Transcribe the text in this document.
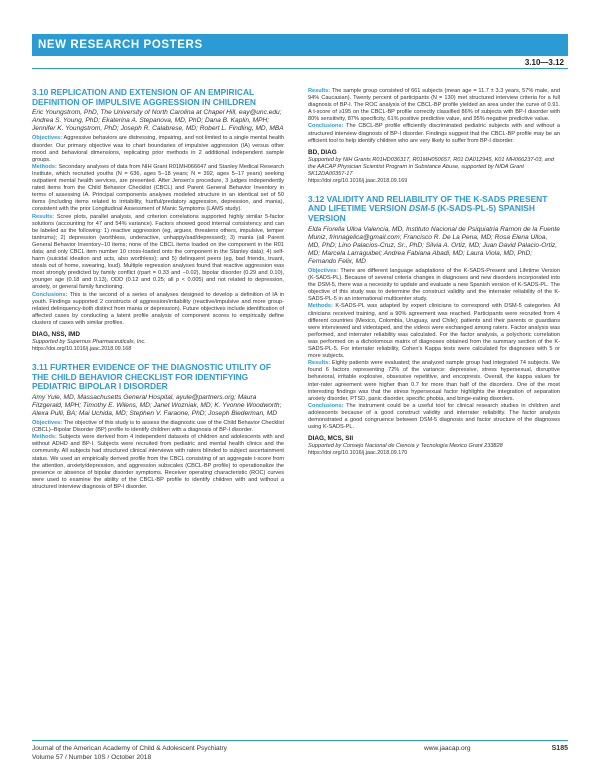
NEW RESEARCH POSTERS
3.10—3.12
3.10 REPLICATION AND EXTENSION OF AN EMPIRICAL DEFINITION OF IMPULSIVE AGGRESSION IN CHILDREN
Eric Youngstrom, PhD, The University of North Carolina at Chapel Hill, eay@unc.edu; Andrea S. Young, PhD; Ekaterina A. Stepanova, MD, PhD; Dana B. Kaplin, MPH; Jennifer K. Youngstrom, PhD; Joseph R. Calabrese, MD; Robert L. Findling, MD, MBA

Objectives: Aggressive behaviors are distressing, impairing, and not limited to a single mental health disorder. Our primary objective was to chart boundaries of impulsive aggression (IA) versus other mood and behavioral dimensions, replicating prior methods in 2 additional independent sample groups.

Methods: Secondary analyses of data from NIH Grant R01MH066647 and Stanley Medical Research Institute, which recruited youths (N = 636, ages 5–18 years; N = 392, ages 5–17 years) seeking outpatient mental health services, are presented. After Jensen's procedure, 3 judges independently rated items from the Child Behavior Checklist (CBCL) and Parent General Behavior Inventory in terms of assessing IA. Principal components analyses modeled structure in an identical set of 50 items (including items related to irritability, hurtful/predatory aggression, depression, and mania), consistent with the prior Longitudinal Assessment of Manic Symptoms (LAMS study).

Results: Scree plots, parallel analysis, and criterion correlations supported highly similar 5-factor solutions (accounting for 47 and 54% variance). Factors showed good internal consistency and can be labeled as the following: 1) reactive aggression (eg, argues, threatens others, impulsive, temper tantrums); 2) depression (worthless, underactive, unhappy/sad/depressed); 3) mania (all Parent General Behavior Inventory–10 items; none of the CBCL items loaded on the component in the R01 data; and only CBCL item number 10 cross-loaded onto the component in the Stanley data); 4) self-harm (suicidal ideation and acts, also worthless); and 5) delinquent peers (eg, bad friends, truant, steals out of home, swearing, loud). Multiple regression analyses found that reactive aggression was most strongly predicted by family conflict (rpart = 0.33 and −0.02), bipolar disorder (0.29 and 0.10), younger age (0.18 and 0.13), ODD (0.12 and 0.25; all p < 0.005) and not related to depression, anxiety, or general family functioning.

Conclusions: This is the second of a series of analyses designed to develop a definition of IA in youth. Findings supported 2 constructs of aggression/irritability (reactive/impulsive and more group-related delinquency-both distinct from mania or depression). Future objectives include identification of affected cases by conducting a latent profile analysis of component scores to empirically define clusters of cases with similar profiles.

DIAG, NSS, IMD
Supported by Supernus Pharmaceuticals, Inc.
https://doi.org/10.1016/j.jaac.2018.09.168
3.11 FURTHER EVIDENCE OF THE DIAGNOSTIC UTILITY OF THE CHILD BEHAVIOR CHECKLIST FOR IDENTIFYING PEDIATRIC BIPOLAR I DISORDER
Amy Yule, MD, Massachusetts General Hospital, ayule@partners.org; Maura Fitzgerald, MPH; Timothy E. Wilens, MD; Janet Wozniak, MD; K. Yvonne Woodworth; Alexa Pulli, BA; Mai Uchida, MD; Stephen V. Faraone, PhD; Joseph Biederman, MD

Objectives: The objective of this study is to assess the diagnostic use of the Child Behavior Checklist (CBCL)–Bipolar Disorder (BP) profile to identify children with a diagnosis of BP-I disorder.

Methods: Subjects were derived from 4 independent datasets of children and adolescents with and without ADHD and BP-I. Subjects were recruited from pediatric and mental health clinics and the community. All subjects had structured clinical interviews with raters blinded to subject ascertainment status. We used an empirically derived profile from the CBCL consisting of an aggregate t-score from the attention, anxiety/depression, and aggression subscales (CBCL-BP profile) to operationalize the presence or absence of bipolar disorder symptoms. Receiver operating characteristic (ROC) curves were used to examine the ability of the CBCL-BP profile to identify children with and without a structured interview diagnosis of BP-I disorder.

Results: The sample group consisted of 661 subjects (mean age = 11.7 ± 3.3 years, 57% male, and 94% Caucasian). Twenty percent of participants (N = 130) met structured interview criteria for a full diagnosis of BP-I. The ROC analysis of the CBCL-BP profile yielded an area under the curve of 0.91. A t-score of ≥195 on the CBCL-BP profile correctly classified 86% of subjects with BP-I disorder with 80% sensitivity, 87% specificity, 61% positive predictive value, and 95% negative predictive value.

Conclusions: The CBCL-BP profile efficiently discriminated pediatric subjects with and without a structured interview diagnosis of BP-I disorder. Findings suggest that the CBCL-BP profile may be an efficient tool to help identify children who are very likely to suffer from BP-I disorder.

BD, DIAG
Supported by NIH Grants R01HD036317, R01MH050657, R01 DA012945, K01 MH066237-03, and the AACAP Physician Scientist Program in Substance Abuse, supported by NIDA Grant 5K12DA00357-17
https://doi.org/10.1016/j.jaac.2018.09.169
3.12 VALIDITY AND RELIABILITY OF THE K-SADS PRESENT AND LIFETIME VERSION DSM-5 (K-SADS-PL-5) SPANISH VERSION
Elda Fiorella Ulloa Valencia, MD, Instituto Nacional de Psiquiatria Ramon de la Fuente Muniz, frinnagelica@gmail.com; Francisco R. De La Pena, MD; Rosa Elena Ulloa, MD, PhD; Lino Palacios-Cruz, Sr., PhD; Silvia A. Ortiz, MD; Juan David Palacio-Ortiz, MD; Marcela Larraguibel; Andrea Fabiana Abadi, MD; Laura Viola, MD, PhD; Fernando Felix, MD

Objectives: There are different language adaptations of the K-SADS-Present and Lifetime Version (K-SADS-PL). Because of several criteria changes in diagnoses and new disorders incorporated into the DSM-5, there was a necessity to update and evaluate a new Spanish version of K-SADS-PL. The objective of this study was to determine the construct validity and the interrater reliability of the K-SADS-PL-5 in an international multicenter study.

Methods: K-SADS-PL was adapted by expert clinicians to correspond with DSM-5 categories. All clinicians received training, and a 90% agreement was reached. Participants were recruited from 4 different countries (Mexico, Colombia, Uruguay, and Chile); patients and their parents or guardians were interviewed and videotaped, and the videos were exchanged among raters. Factor analysis was performed, and interrater reliability was calculated. For the factor analysis, a polychoric correlation was performed on a dichotomous matrix of diagnoses obtained from the summary section of the K-SADS-PL-5. For interrater reliability, Cohen's Kappa tests were calculated for diagnoses with 5 or more subjects.

Results: Eighty patients were evaluated; the analyzed sample group had integrated 74 subjects. We found 6 factors representing 72% of the variance: depressive, stress hypersexual, disruptive behavioral, irritable explosive, obsessive repetitive, and encopresis. Overall, the kappa values for inter-rater agreement were higher than 0.7 for more than half of the disorders. One of the most interesting findings was that the stress hypersexual factor highlights the integration of separation anxiety disorder, PTSD, panic disorder, specific phobia, and binge-eating disorders.

Conclusions: The instrument could be a useful tool for clinical research studies in children and adolescents because of a good construct validity and interrater reliability. The factor analysis demonstrated a good congruence between DSM-5 diagnosis and factor structure of the diagnoses using K-SADS-PL.

DIAG, MCS, SII
Supported by Consejo Nacional de Ciencia y Tecnología Mexico Grant 233828
https://doi.org/10.1016/j.jaac.2018.09.170
Journal of the American Academy of Child & Adolescent Psychiatry
Volume 57 / Number 10S / October 2018
www.jaacap.org	S185
